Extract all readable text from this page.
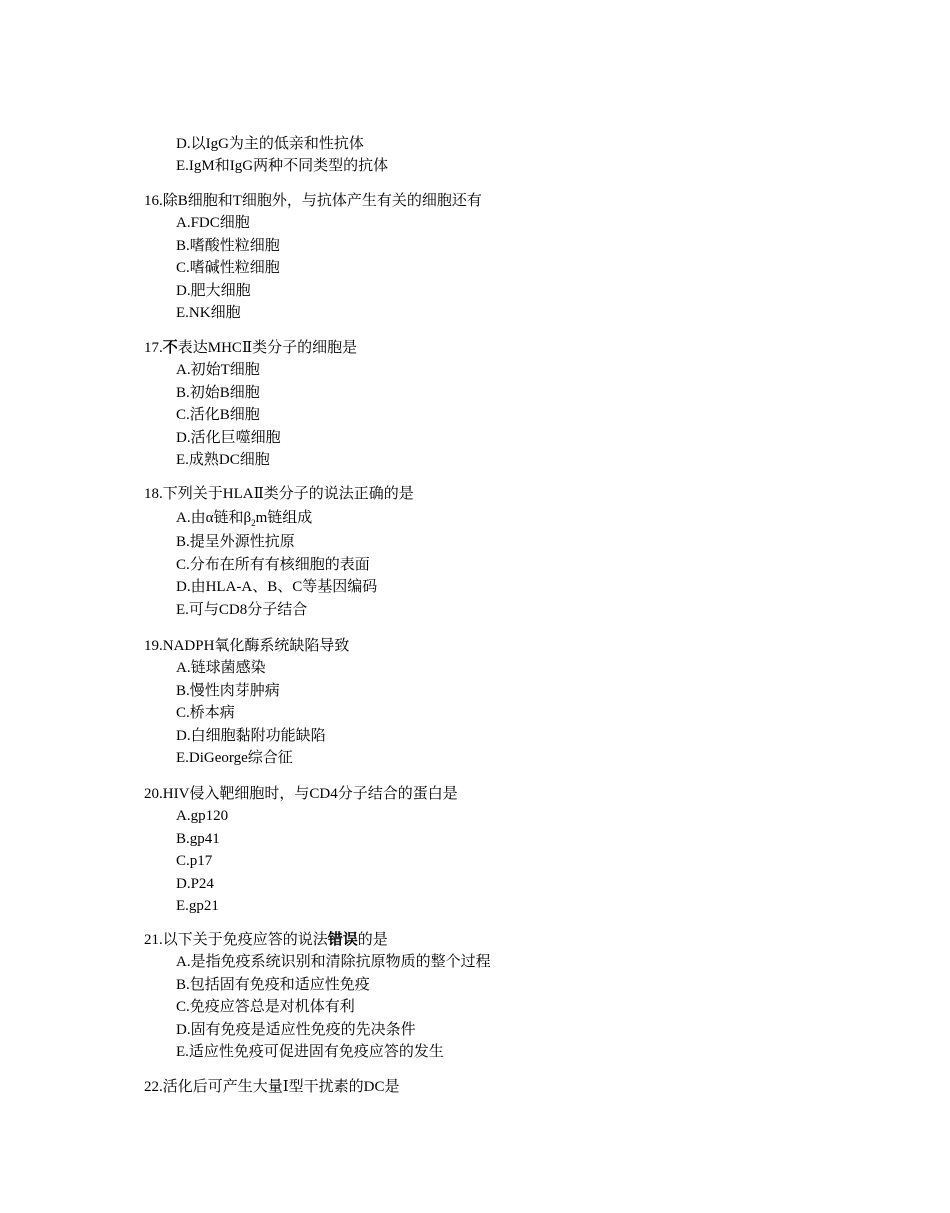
D.以IgG为主的低亲和性抗体
E.IgM和IgG两种不同类型的抗体
16.除B细胞和T细胞外，与抗体产生有关的细胞还有
A.FDC细胞
B.嗜酸性粒细胞
C.嗜碱性粒细胞
D.肥大细胞
E.NK细胞
17.不表达MHCⅡ类分子的细胞是
A.初始T细胞
B.初始B细胞
C.活化B细胞
D.活化巨噬细胞
E.成熟DC细胞
18.下列关于HLAⅡ类分子的说法正确的是
A.由α链和$\beta_2m$链组成
B.提呈外源性抗原
C.分布在所有有核细胞的表面
D.由HLA-A、B、C等基因编码
E.可与CD8分子结合
19.NADPH氧化酶系统缺陷导致
A.链球菌感染
B.慢性肉芽肿病
C.桥本病
D.白细胞黏附功能缺陷
E.DiGeorge综合征
20.HIV侵入靶细胞时，与CD4分子结合的蛋白是
A.gp120
B.gp41
C.p17
D.P24
E.gp21
21.以下关于免疫应答的说法错误的是
A.是指免疫系统识别和清除抗原物质的整个过程
B.包括固有免疫和适应性免疫
C.免疫应答总是对机体有利
D.固有免疫是适应性免疫的先决条件
E.适应性免疫可促进固有免疫应答的发生
22.活化后可产生大量Ⅰ型干扰素的DC是
